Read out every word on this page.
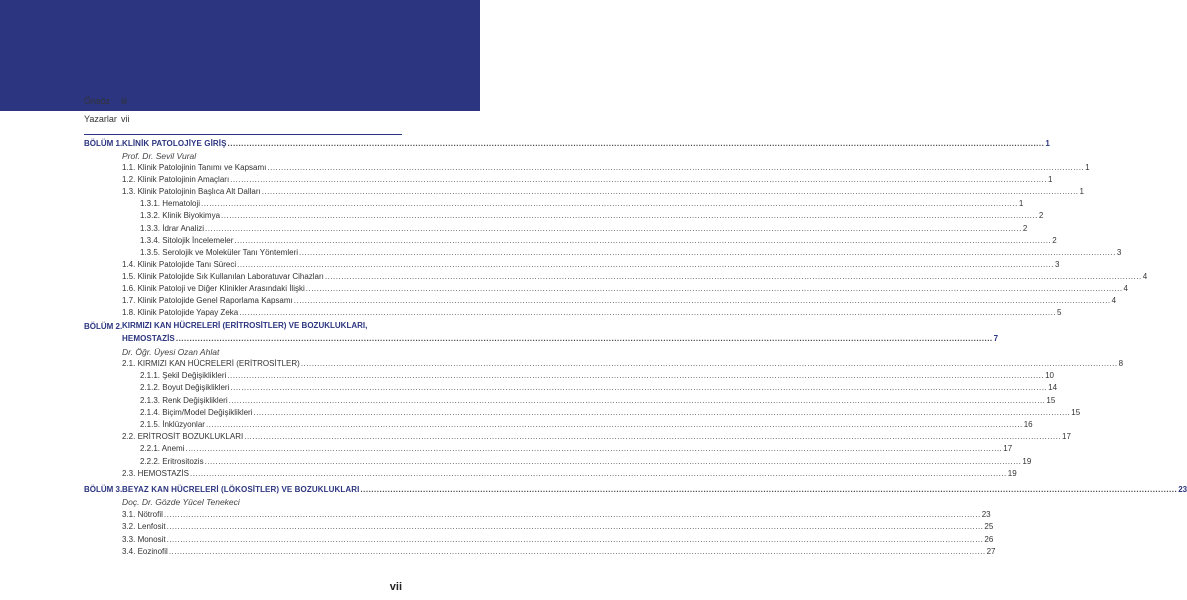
İÇİNDEKİLER
Önsöz iii
Yazarlar vii
BÖLÜM 1. KLİNİK PATOLOJİYE GİRİŞ ............................................................................................................................................................................................................................................................................................................ 1
Prof. Dr. Sevil Vural
1.1. Klinik Patolojinin Tanımı ve Kapsamı ............................................................................................................................................................................................................................................................................................................ 1
1.2. Klinik Patolojinin Amaçları ............................................................................................................................................................................................................................................................................................................ 1
1.3. Klinik Patolojinin Başlıca Alt Dalları ............................................................................................................................................................................................................................................................................................................ 1
1.3.1. Hematoloji ............................................................................................................................................................................................................................................................................................................ 1
1.3.2. Klinik Biyokimya ............................................................................................................................................................................................................................................................................................................ 2
1.3.3. İdrar Analizi ............................................................................................................................................................................................................................................................................................................ 2
1.3.4. Sitolojik İncelemeler ............................................................................................................................................................................................................................................................................................................ 2
1.3.5. Serolojik ve Moleküler Tanı Yöntemleri ............................................................................................................................................................................................................................................................................................................ 3
1.4. Klinik Patolojide Tanı Süreci ............................................................................................................................................................................................................................................................................................................ 3
1.5. Klinik Patolojide Sık Kullanılan Laboratuvar Cihazları ............................................................................................................................................................................................................................................................................................................ 4
1.6. Klinik Patoloji ve Diğer Klinikler Arasındaki İlişki ............................................................................................................................................................................................................................................................................................................ 4
1.7. Klinik Patolojide Genel Raporlama Kapsamı ............................................................................................................................................................................................................................................................................................................ 4
1.8. Klinik Patolojide Yapay Zeka ............................................................................................................................................................................................................................................................................................................ 5
BÖLÜM 2. KIRMIZI KAN HÜCRELERİ (ERİTROSİTLER) VE BOZUKLUKLARI,
HEMOSTAZİS ............................................................................................................................................................................................................................................................................................................ 7
Dr. Öğr. Üyesi Ozan Ahlat
2.1. KIRMIZI KAN HÜCRELERİ (ERİTROSİTLER) ............................................................................................................................................................................................................................................................................................................ 8
2.1.1. Şekil Değişiklikleri ............................................................................................................................................................................................................................................................................................................ 10
2.1.2. Boyut Değişiklikleri ............................................................................................................................................................................................................................................................................................................ 14
2.1.3. Renk Değişiklikleri ............................................................................................................................................................................................................................................................................................................ 15
2.1.4. Biçim/Model Değişiklikleri ............................................................................................................................................................................................................................................................................................................ 15
2.1.5. İnklüzyonlar ............................................................................................................................................................................................................................................................................................................ 16
2.2. ERİTROSİT BOZUKLUKLARI ............................................................................................................................................................................................................................................................................................................ 17
2.2.1. Anemi ............................................................................................................................................................................................................................................................................................................ 17
2.2.2. Eritrositozis ............................................................................................................................................................................................................................................................................................................ 19
2.3. HEMOSTAZİS ............................................................................................................................................................................................................................................................................................................ 19
BÖLÜM 3. BEYAZ KAN HÜCRELERİ (LÖKOSİTLER) VE BOZUKLUKLARI ............................................................................................................................................................................................................................................................................................................ 23
Doç. Dr. Gözde Yücel Tenekeci
3.1. Nötrofil ............................................................................................................................................................................................................................................................................................................ 23
3.2. Lenfosit ............................................................................................................................................................................................................................................................................................................ 25
3.3. Monosit ............................................................................................................................................................................................................................................................................................................ 26
3.4. Eozinofil ............................................................................................................................................................................................................................................................................................................ 27
vii
